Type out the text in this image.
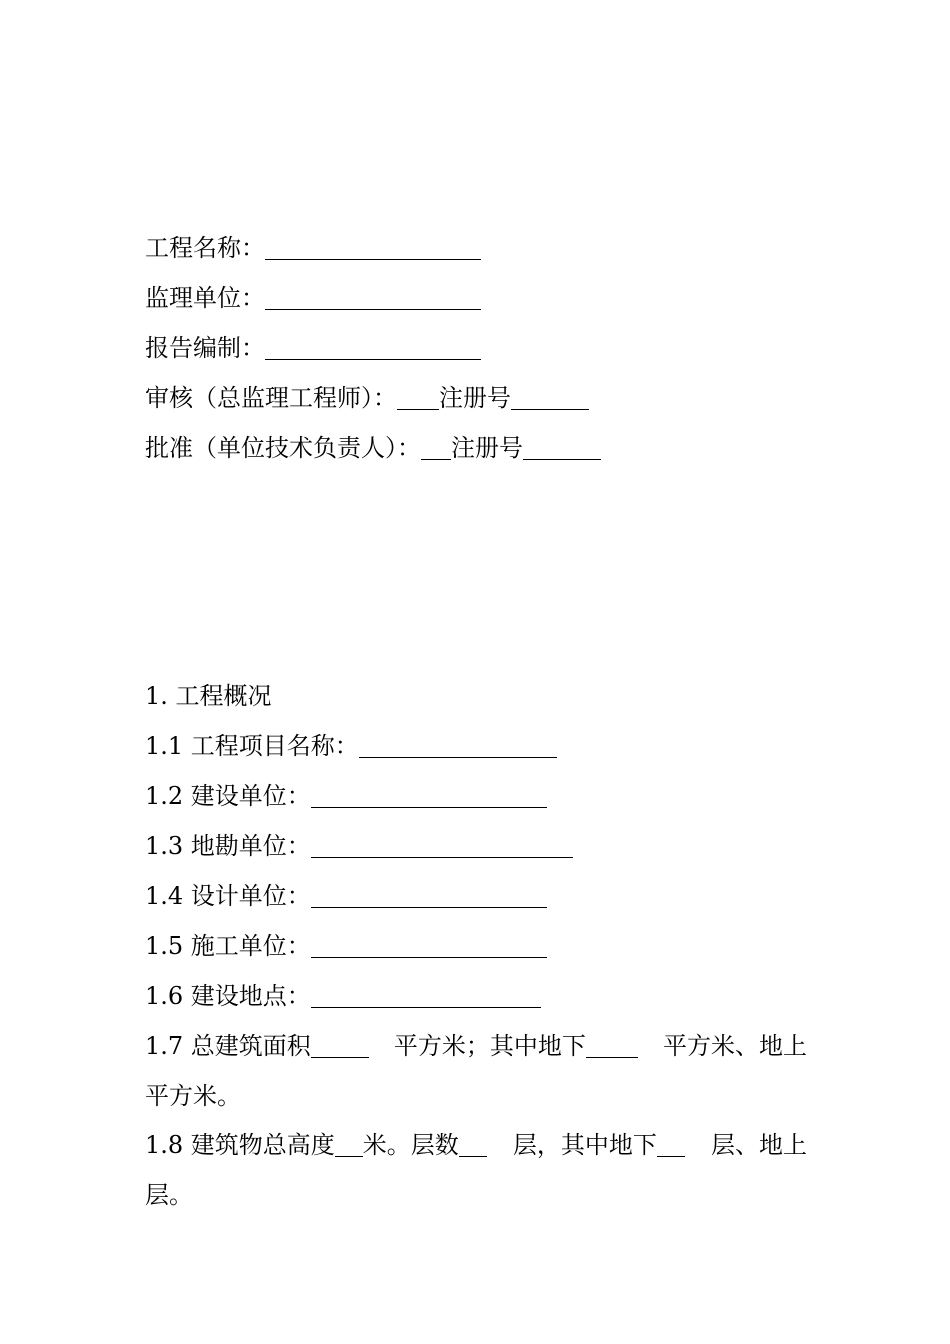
工程名称：
监理单位：
报告编制：
审核（总监理工程师）： 注册号
批准（单位技术负责人）： 注册号
1. 工程概况
1.1 工程项目名称：
1.2 建设单位：
1.3 地勘单位：
1.4 设计单位：
1.5 施工单位：
1.6 建设地点：
1.7 总建筑面积	平方米；其中地下	平方米、地上
平方米。
1.8 建筑物总高度 米。层数 层，其中地下 层、地上
层。
